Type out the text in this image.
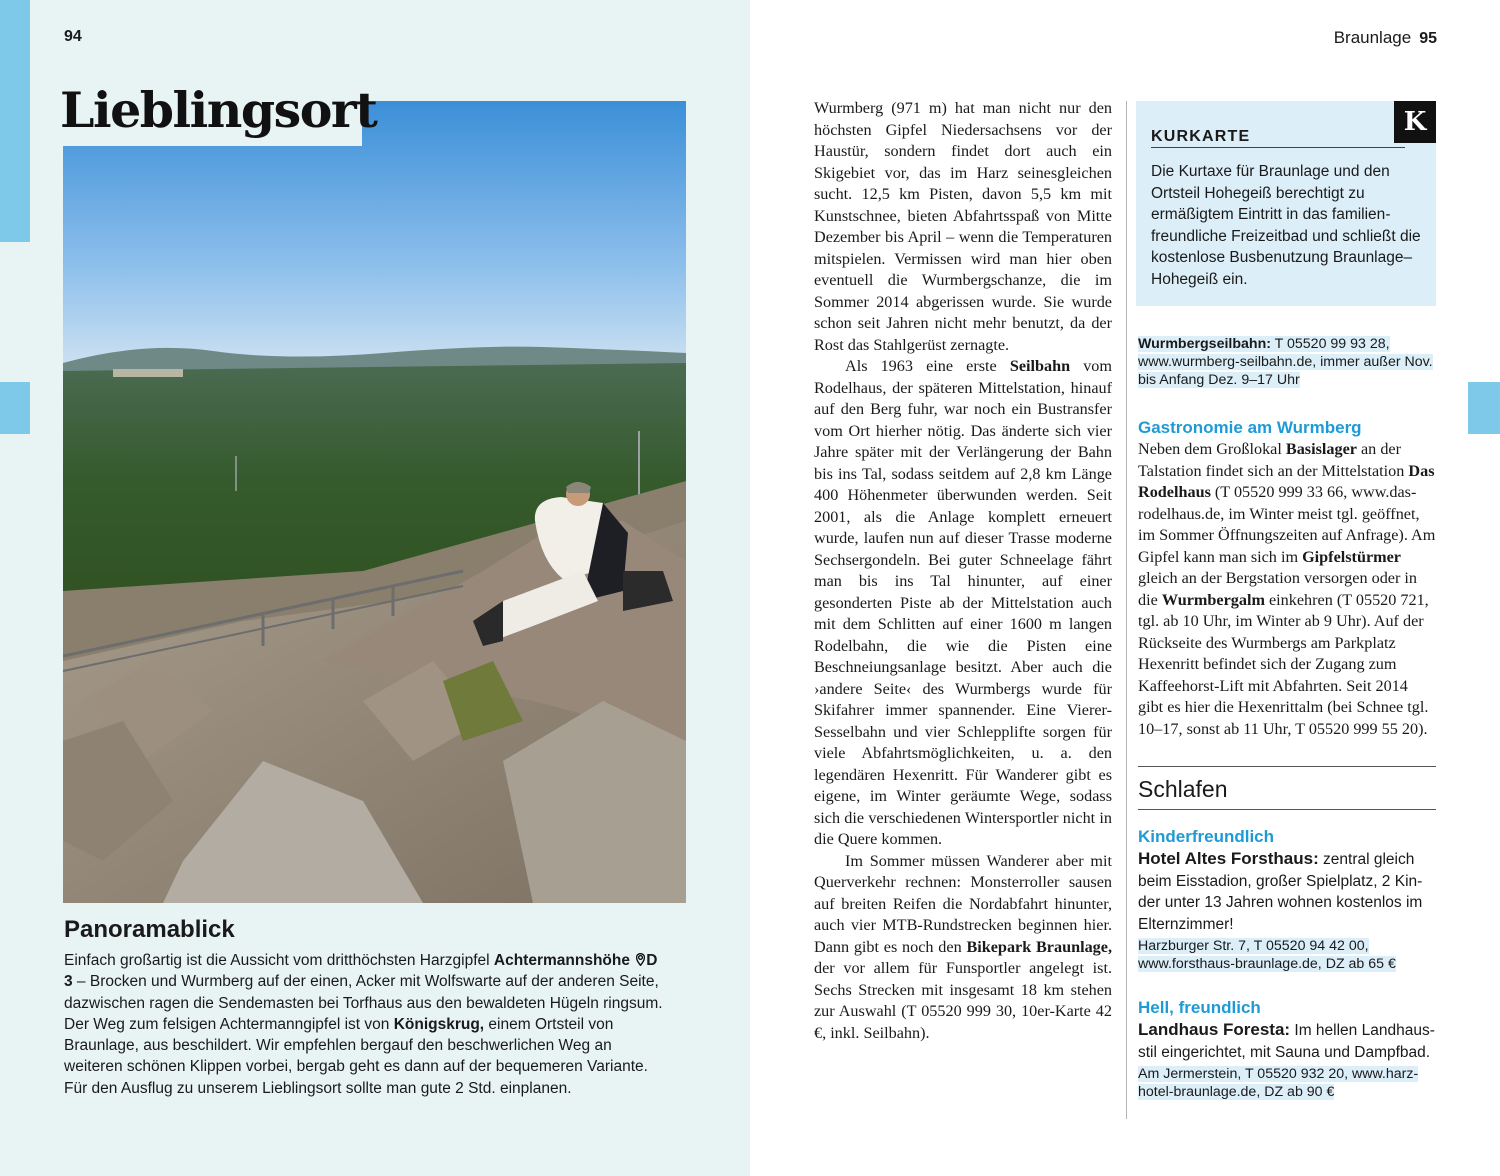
94
Lieblingsort
Panoramablick
Einfach großartig ist die Aussicht vom dritthöchsten Harzgipfel Achtermannshöhe D 3 – Brocken und Wurmberg auf der einen, Acker mit Wolfswarte auf der anderen Seite, dazwischen ragen die Sendemasten bei Torfhaus aus den bewaldeten Hügeln ringsum. Der Weg zum felsigen Achtermanngipfel ist von Königskrug, einem Ortsteil von Braunlage, aus beschildert. Wir empfehlen bergauf den beschwerlichen Weg an weiteren schönen Klippen vorbei, bergab geht es dann auf der bequemeren Variante. Für den Ausflug zu unserem Lieblingsort sollte man gute 2 Std. einplanen.
Braunlage 95

Wurmberg (971 m) hat man nicht nur den höchsten Gipfel Niedersachsens vor der Haustür, sondern findet dort auch ein Skigebiet vor, das im Harz seinesgleichen sucht. 12,5 km Pisten, davon 5,5 km mit Kunstschnee, bieten Abfahrtsspaß von Mitte Dezember bis April – wenn die Temperaturen mitspielen. Vermissen wird man hier oben eventuell die Wurmbergschanze, die im Sommer 2014 abgerissen wurde. Sie wurde schon seit Jahren nicht mehr benutzt, da der Rost das Stahlgerüst zernagte.

Als 1963 eine erste Seilbahn vom Rodelhaus, der späteren Mittelstation, hinauf auf den Berg fuhr, war noch ein Bustransfer vom Ort hierher nötig. Das änderte sich vier Jahre später mit der Verlängerung der Bahn bis ins Tal, sodass seitdem auf 2,8 km Länge 400 Höhenmeter überwunden werden. Seit 2001, als die Anlage komplett erneuert wurde, laufen nun auf dieser Trasse moderne Sechsergondeln. Bei guter Schneelage fährt man bis ins Tal hinunter, auf einer gesonderten Piste ab der Mittelstation auch mit dem Schlitten auf einer 1600 m langen Rodelbahn, die wie die Pisten eine Beschneiungsanlage besitzt. Aber auch die ›andere Seite‹ des Wurmbergs wurde für Skifahrer immer spannender. Eine Vierer-Sesselbahn und vier Schlepplifte sorgen für viele Abfahrtsmöglichkeiten, u. a. den legendären Hexenritt. Für Wanderer gibt es eigene, im Winter geräumte Wege, sodass sich die verschiedenen Wintersportler nicht in die Quere kommen.

Im Sommer müssen Wanderer aber mit Querverkehr rechnen: Monsterroller sausen auf breiten Reifen die Nordabfahrt hinunter, auch vier MTB-Rundstrecken beginnen hier. Dann gibt es noch den Bikepark Braunlage, der vor allem für Funsportler angelegt ist. Sechs Strecken mit insgesamt 18 km stehen zur Auswahl (T 05520 999 30, 10er-Karte 42 €, inkl. Seilbahn).

K
KURKARTE
Die Kurtaxe für Braunlage und den Ortsteil Hohegeiß berechtigt zu ermäßigtem Eintritt in das familienfreundliche Freizeitbad und schließt die kostenlose Busbenutzung Braunlage–Hohegeiß ein.
Wurmbergseilbahn: T 05520 99 93 28, www.wurmberg-seilbahn.de, immer außer Nov. bis Anfang Dez. 9–17 Uhr
Gastronomie am Wurmberg
Neben dem Großlokal Basislager an der Talstation findet sich an der Mittelstation Das Rodelhaus (T 05520 999 33 66, www.das-rodelhaus.de, im Winter meist tgl. geöffnet, im Sommer Öffnungszeiten auf Anfrage). Am Gipfel kann man sich im Gipfelstürmer gleich an der Bergstation versorgen oder in die Wurmbergalm einkehren (T 05520 721, tgl. ab 10 Uhr, im Winter ab 9 Uhr). Auf der Rückseite des Wurmbergs am Parkplatz Hexenritt befindet sich der Zugang zum Kaffeehorst-Lift mit Abfahrten. Seit 2014 gibt es hier die Hexenrittalm (bei Schnee tgl. 10–17, sonst ab 11 Uhr, T 05520 999 55 20).
Schlafen
Kinderfreundlich
Hotel Altes Forsthaus: zentral gleich beim Eisstadion, großer Spielplatz, 2 Kinder unter 13 Jahren wohnen kostenlos im Elternzimmer!
Harzburger Str. 7, T 05520 94 42 00, www.forsthaus-braunlage.de, DZ ab 65 €
Hell, freundlich
Landhaus Foresta: Im hellen Landhausstil eingerichtet, mit Sauna und Dampfbad.
Am Jermerstein, T 05520 932 20, www.harz-hotel-braunlage.de, DZ ab 90 €
